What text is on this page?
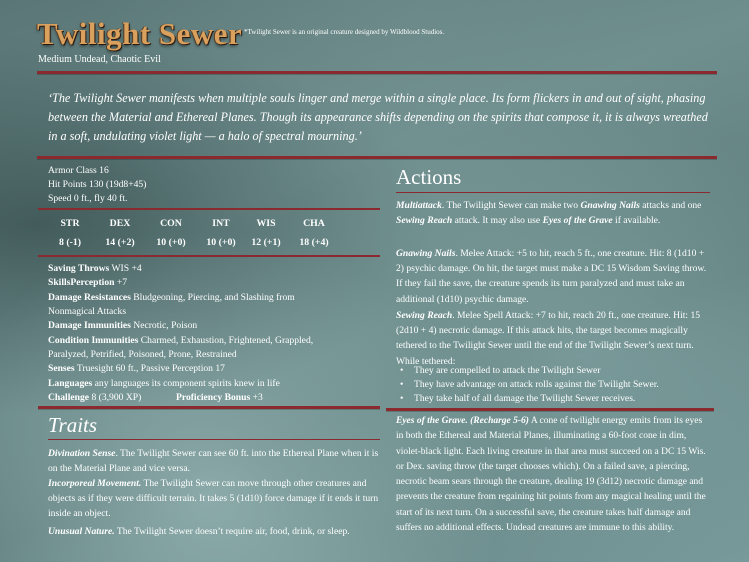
Twilight Sewer *Twilight Sewer is an original creature designed by Wildblood Studios.
Medium Undead, Chaotic Evil
‘The Twilight Sewer manifests when multiple souls linger and merge within a single place. Its form flickers in and out of sight, phasing between the Material and Ethereal Planes. Though its appearance shifts depending on the spirits that compose it, it is always wreathed in a soft, undulating violet light — a halo of spectral mourning.’
Armor Class 16
Hit Points 130 (19d8+45)
Speed 0 ft., fly 40 ft.
STR	DEX	CON	INT	WIS	CHA
8 (-1)	14 (+2)	10 (+0)	10 (+0)	12 (+1)	18 (+4)
Saving Throws WIS +4
SkillsPerception +7
Damage Resistances Bludgeoning, Piercing, and Slashing from
Nonmagical Attacks
Damage Immunities Necrotic, Poison
Condition Immunities Charmed, Exhaustion, Frightened, Grappled,
Paralyzed, Petrified, Poisoned, Prone, Restrained
Senses Truesight 60 ft., Passive Perception 17
Languages any languages its component spirits knew in life
Challenge 8 (3,900 XP)	Proficiency Bonus +3
Traits
Divination Sense. The Twilight Sewer can see 60 ft. into the Ethereal Plane when it is on the Material Plane and vice versa.
Incorporeal Movement. The Twilight Sewer can move through other creatures and objects as if they were difficult terrain. It takes 5 (1d10) force damage if it ends it turn inside an object.
Unusual Nature. The Twilight Sewer doesn’t require air, food, drink, or sleep.
Actions
Multiattack. The Twilight Sewer can make two Gnawing Nails attacks and one Sewing Reach attack. It may also use Eyes of the Grave if available.
Gnawing Nails. Melee Attack: +5 to hit, reach 5 ft., one creature. Hit: 8 (1d10 + 2) psychic damage. On hit, the target must make a DC 15 Wisdom Saving throw. If they fail the save, the creature spends its turn paralyzed and must take an additional (1d10) psychic damage.
Sewing Reach. Melee Spell Attack: +7 to hit, reach 20 ft., one creature. Hit: 15 (2d10 + 4) necrotic damage. If this attack hits, the target becomes magically tethered to the Twilight Sewer until the end of the Twilight Sewer’s next turn. While tethered:
• They are compelled to attack the Twilight Sewer
• They have advantage on attack rolls against the Twilight Sewer.
• They take half of all damage the Twilight Sewer receives.
Eyes of the Grave. (Recharge 5-6) A cone of twilight energy emits from its eyes in both the Ethereal and Material Planes, illuminating a 60-foot cone in dim, violet-black light. Each living creature in that area must succeed on a DC 15 Wis. or Dex. saving throw (the target chooses which). On a failed save, a piercing, necrotic beam sears through the creature, dealing 19 (3d12) necrotic damage and prevents the creature from regaining hit points from any magical healing until the start of its next turn. On a successful save, the creature takes half damage and suffers no additional effects. Undead creatures are immune to this ability.
